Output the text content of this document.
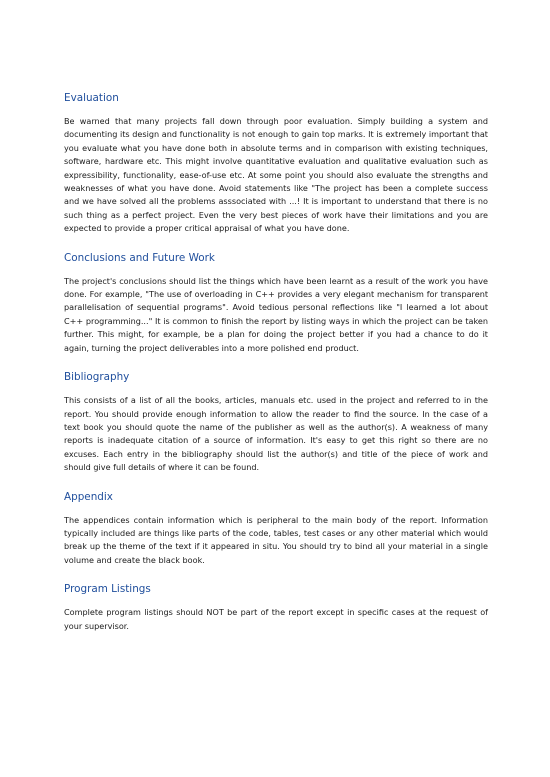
Evaluation

Be warned that many projects fall down through poor evaluation. Simply building a system and documenting its design and functionality is not enough to gain top marks. It is extremely important that you evaluate what you have done both in absolute terms and in comparison with existing techniques, software, hardware etc. This might involve quantitative evaluation and qualitative evaluation such as expressibility, functionality, ease-of-use etc. At some point you should also evaluate the strengths and weaknesses of what you have done. Avoid statements like "The project has been a complete success and we have solved all the problems asssociated with ...! It is important to understand that there is no such thing as a perfect project. Even the very best pieces of work have their limitations and you are expected to provide a proper critical appraisal of what you have done.

Conclusions and Future Work

The project's conclusions should list the things which have been learnt as a result of the work you have done. For example, "The use of overloading in C++ provides a very elegant mechanism for transparent parallelisation of sequential programs". Avoid tedious personal reflections like "I learned a lot about C++ programming..." It is common to finish the report by listing ways in which the project can be taken further. This might, for example, be a plan for doing the project better if you had a chance to do it again, turning the project deliverables into a more polished end product.

Bibliography

This consists of a list of all the books, articles, manuals etc. used in the project and referred to in the report. You should provide enough information to allow the reader to find the source. In the case of a text book you should quote the name of the publisher as well as the author(s). A weakness of many reports is inadequate citation of a source of information. It's easy to get this right so there are no excuses. Each entry in the bibliography should list the author(s) and title of the piece of work and should give full details of where it can be found.

Appendix

The appendices contain information which is peripheral to the main body of the report. Information typically included are things like parts of the code, tables, test cases or any other material which would break up the theme of the text if it appeared in situ. You should try to bind all your material in a single volume and create the black book.

Program Listings

Complete program listings should NOT be part of the report except in specific cases at the request of your supervisor.
